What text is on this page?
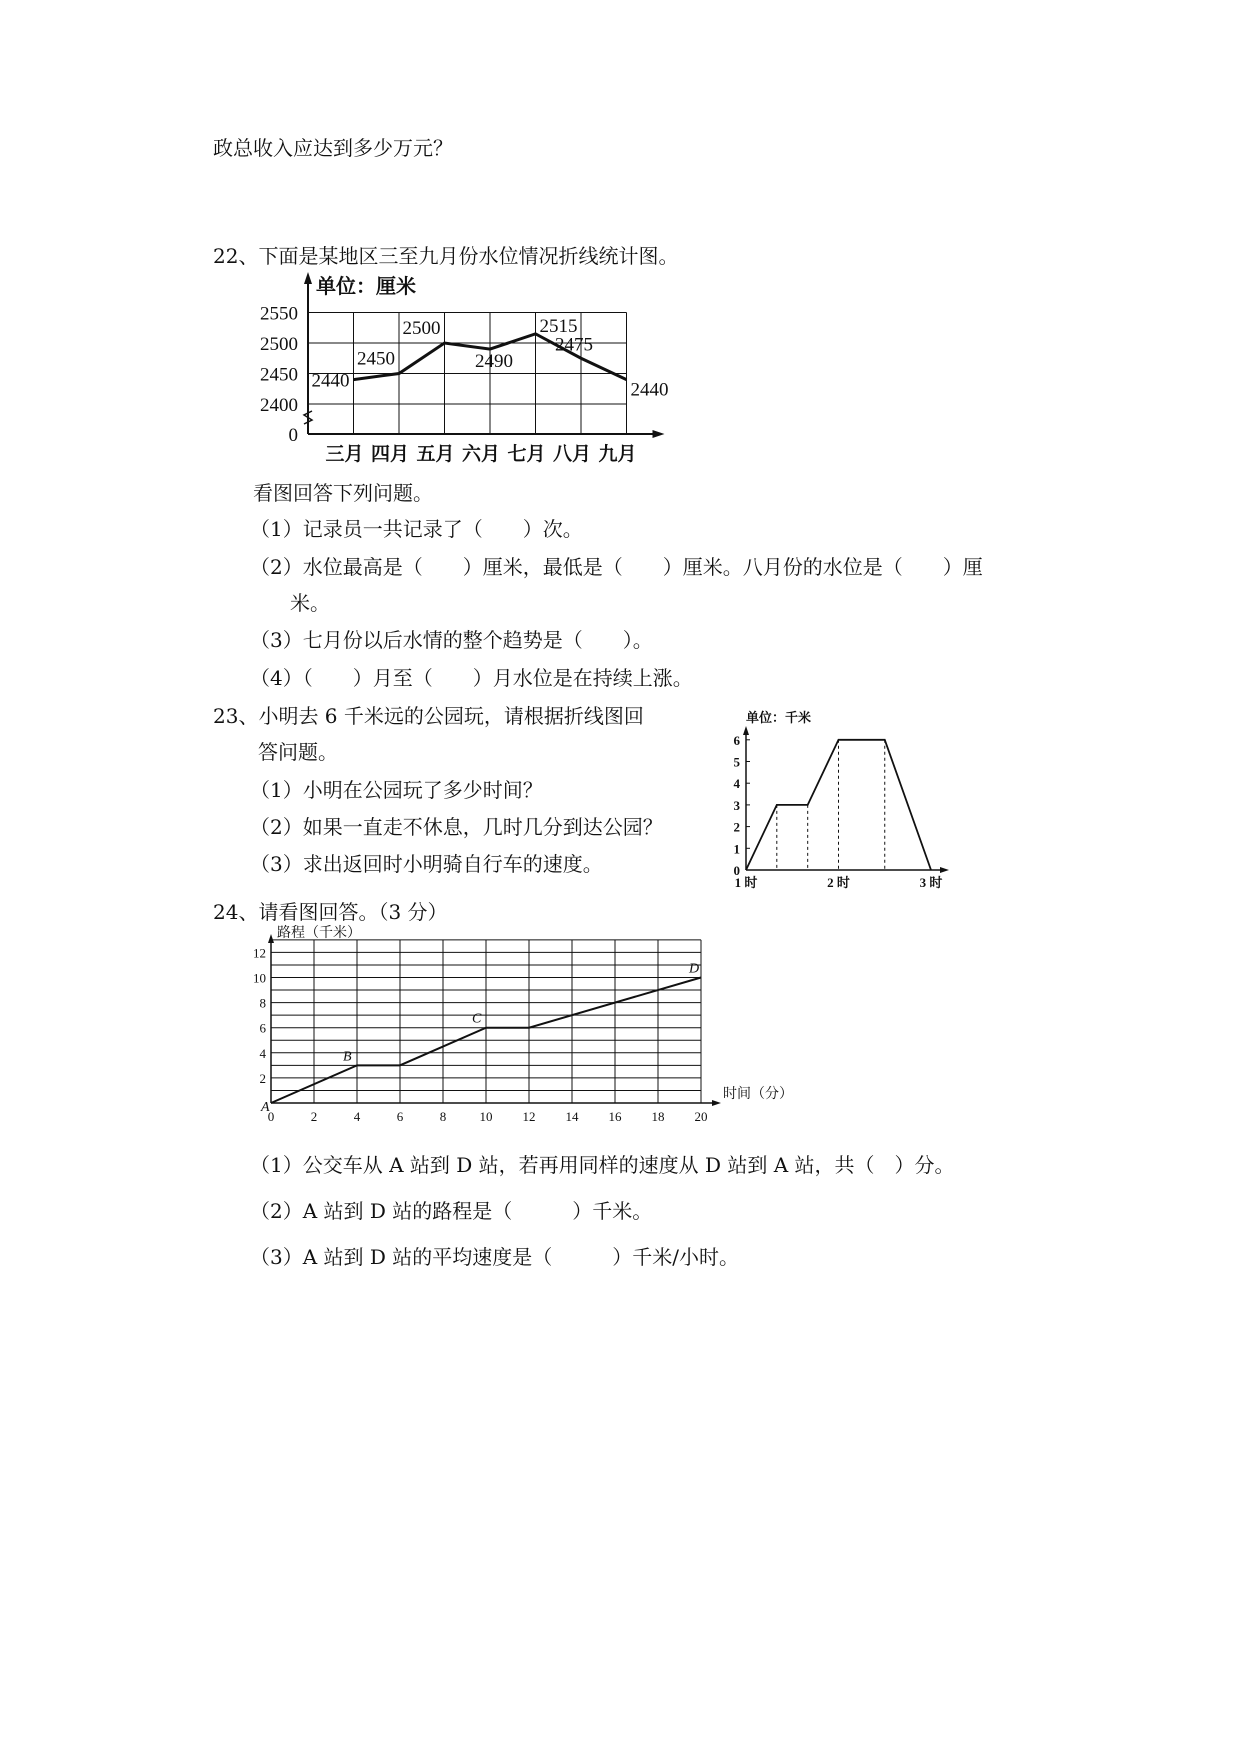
政总收入应达到多少万元？
22、下面是某地区三至九月份水位情况折线统计图。
单位：厘米
0
2400
2450
2500
2550
三月 四月 五月 六月 七月 八月 九月
2440
2450
2500
2490
2515
2475
2440
看图回答下列问题。
（1）记录员一共记录了（　　）次。
（2）水位最高是（　　）厘米，最低是（　　）厘米。八月份的水位是（　　）厘
米。
（3）七月份以后水情的整个趋势是（　　）。
（4）（　　）月至（　　）月水位是在持续上涨。
23、小明去 6 千米远的公园玩，请根据折线图回
答问题。
（1）小明在公园玩了多少时间？
（2）如果一直走不休息，几时几分到达公园？
（3）求出返回时小明骑自行车的速度。
单位：千米
0
1
2
3
4
5
6
1 时	2 时	3 时
24、请看图回答。（3 分）
路程（千米）
时间（分）
2
4
6
8
10
12
0	2	4	6	8	10 12 14 16 18 20
A
B
C
D
（1）公交车从 A 站到 D 站，若再用同样的速度从 D 站到 A 站，共（　）分。
（2）A 站到 D 站的路程是（　　　）千米。
（3）A 站到 D 站的平均速度是（　　　）千米/小时。
